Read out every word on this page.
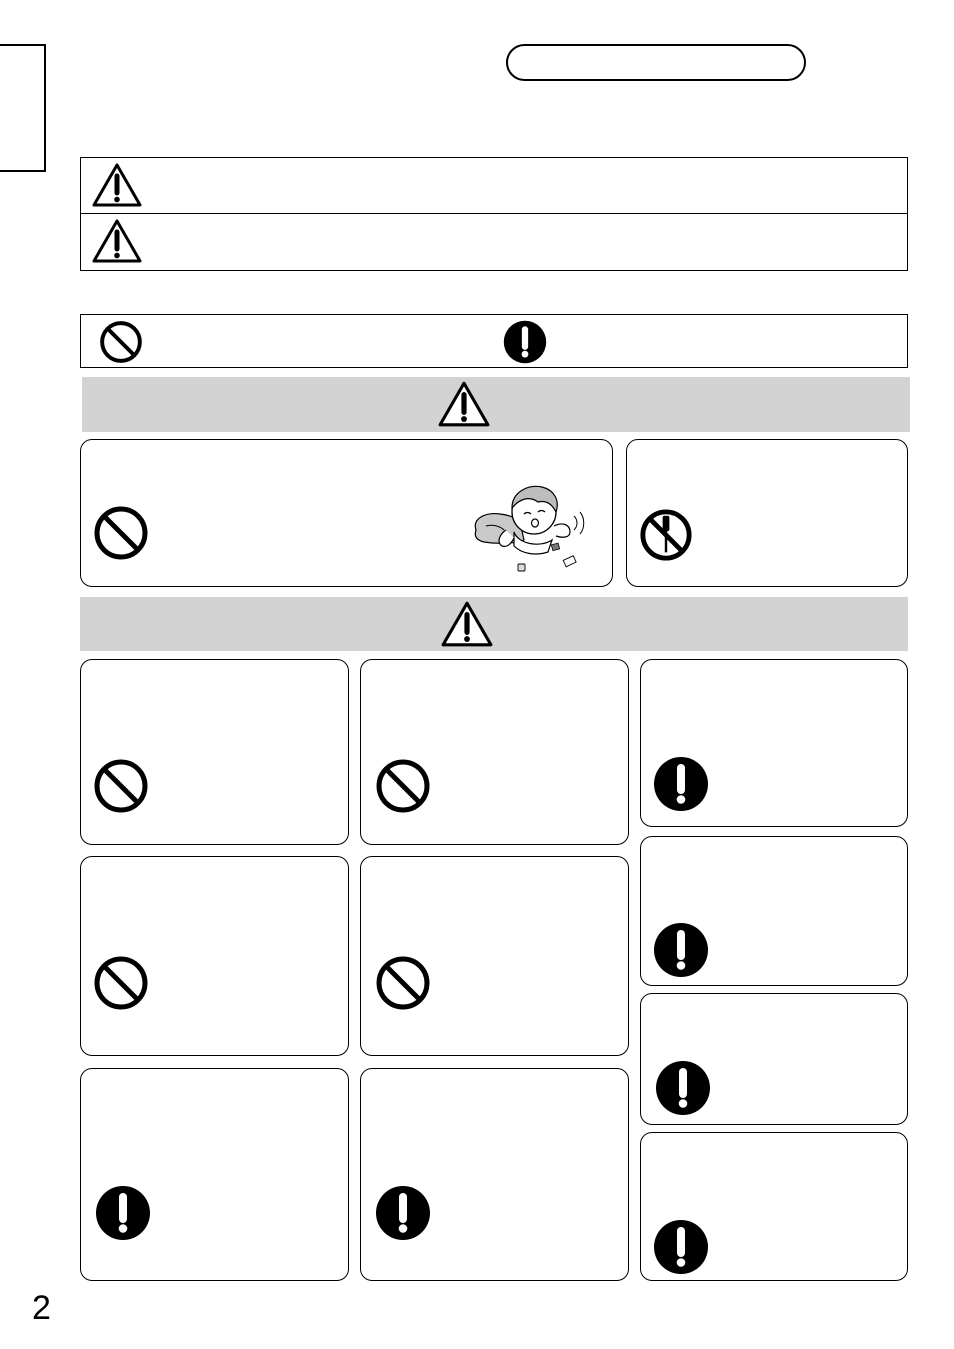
2
